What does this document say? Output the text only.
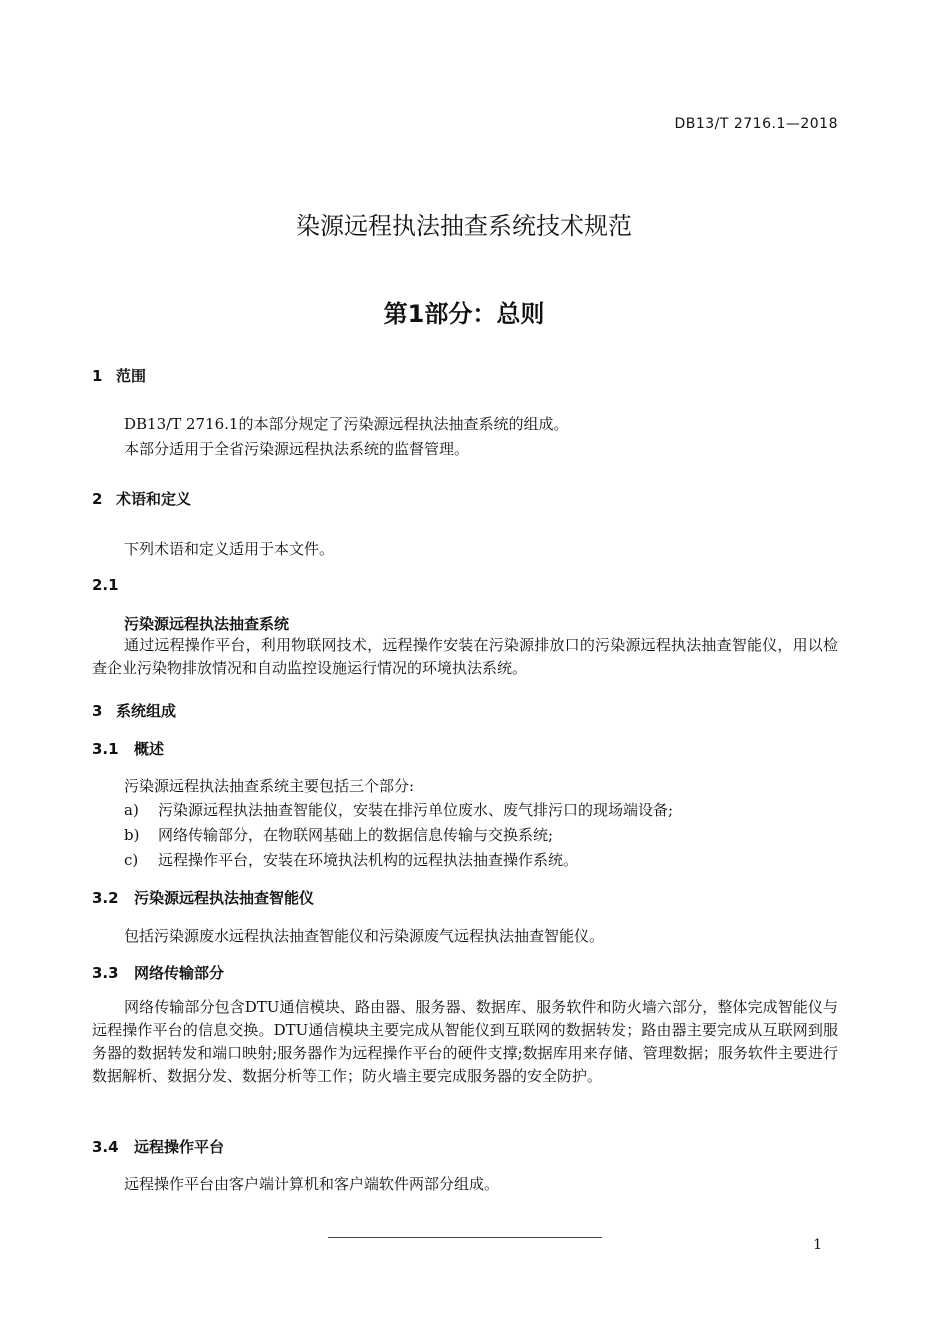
DB13/T 2716.1—2018
染源远程执法抽查系统技术规范
第1部分：总则
1 范围
DB13/T 2716.1的本部分规定了污染源远程执法抽查系统的组成。
本部分适用于全省污染源远程执法系统的监督管理。
2 术语和定义
下列术语和定义适用于本文件。
2.1
污染源远程执法抽查系统
通过远程操作平台，利用物联网技术，远程操作安装在污染源排放口的污染源远程执法抽查智能仪，用以检查企业污染物排放情况和自动监控设施运行情况的环境执法系统。
3 系统组成
3.1 概述
污染源远程执法抽查系统主要包括三个部分:
a) 污染源远程执法抽查智能仪，安装在排污单位废水、废气排污口的现场端设备;
b) 网络传输部分，在物联网基础上的数据信息传输与交换系统;
c) 远程操作平台，安装在环境执法机构的远程执法抽查操作系统。
3.2 污染源远程执法抽查智能仪
包括污染源废水远程执法抽查智能仪和污染源废气远程执法抽查智能仪。
3.3 网络传输部分
网络传输部分包含DTU通信模块、路由器、服务器、数据库、服务软件和防火墙六部分，整体完成智能仪与远程操作平台的信息交换。DTU通信模块主要完成从智能仪到互联网的数据转发；路由器主要完成从互联网到服务器的数据转发和端口映射;服务器作为远程操作平台的硬件支撑;数据库用来存储、管理数据；服务软件主要进行数据解析、数据分发、数据分析等工作；防火墙主要完成服务器的安全防护。
3.4 远程操作平台
远程操作平台由客户端计算机和客户端软件两部分组成。
1
